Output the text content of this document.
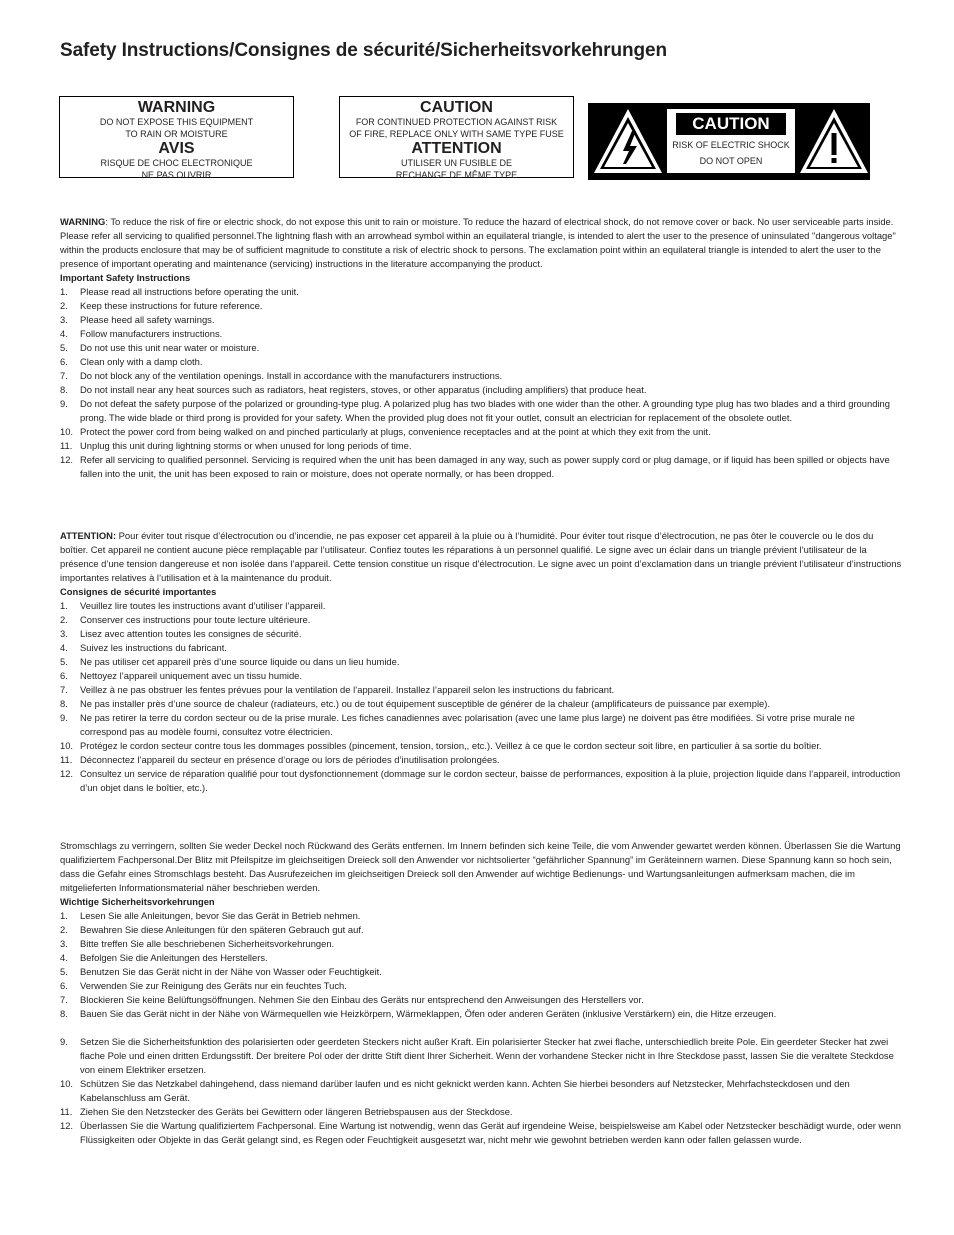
Safety Instructions/Consignes de sécurité/Sicherheitsvorkehrungen
WARNING
DO NOT EXPOSE THIS EQUIPMENT
TO RAIN OR MOISTURE
AVIS
RISQUE DE CHOC ELECTRONIQUE
NE PAS OUVRIR
CAUTION
FOR CONTINUED PROTECTION AGAINST RISK
OF FIRE, REPLACE ONLY WITH SAME TYPE FUSE
ATTENTION
UTILISER UN FUSIBLE DE
RECHANGE DE MÊME TYPE
CAUTION
RISK OF ELECTRIC SHOCK
DO NOT OPEN

WARNING: To reduce the risk of fire or electric shock, do not expose this unit to rain or moisture. To reduce the hazard of electrical shock, do not remove cover or back. No user serviceable parts inside. Please refer all servicing to qualified personnel.The lightning flash with an arrowhead symbol within an equilateral triangle, is intended to alert the user to the presence of uninsulated "dangerous voltage" within the products enclosure that may be of sufficient magnitude to constitute a risk of electric shock to persons. The exclamation point within an equilateral triangle is intended to alert the user to the presence of important operating and maintenance (servicing) instructions in the literature accompanying the product.

Important Safety Instructions
1. Please read all instructions before operating the unit.
2. Keep these instructions for future reference.
3. Please heed all safety warnings.
4. Follow manufacturers instructions.
5. Do not use this unit near water or moisture.
6. Clean only with a damp cloth.
7. Do not block any of the ventilation openings. Install in accordance with the manufacturers instructions.
8. Do not install near any heat sources such as radiators, heat registers, stoves, or other apparatus (including amplifiers) that produce heat.
9. Do not defeat the safety purpose of the polarized or grounding-type plug. A polarized plug has two blades with one wider than the other. A grounding type plug has two blades and a third grounding prong. The wide blade or third prong is provided for your safety. When the provided plug does not fit your outlet, consult an electrician for replacement of the obsolete outlet.
10. Protect the power cord from being walked on and pinched particularly at plugs, convenience receptacles and at the point at which they exit from the unit.
11. Unplug this unit during lightning storms or when unused for long periods of time.
12. Refer all servicing to qualified personnel. Servicing is required when the unit has been damaged in any way, such as power supply cord or plug damage, or if liquid has been spilled or objects have fallen into the unit, the unit has been exposed to rain or moisture, does not operate normally, or has been dropped.

ATTENTION: Pour éviter tout risque d’électrocution ou d’incendie, ne pas exposer cet appareil à la pluie ou à l’humidité. Pour éviter tout risque d’électrocution, ne pas ôter le couvercle ou le dos du boîtier. Cet appareil ne contient aucune pièce remplaçable par l’utilisateur. Confiez toutes les réparations à un personnel qualifié. Le signe avec un éclair dans un triangle prévient l’utilisateur de la présence d’une tension dangereuse et non isolée dans l’appareil. Cette tension constitue un risque d’électrocution. Le signe avec un point d’exclamation dans un triangle prévient l’utilisateur d’instructions importantes relatives à l’utilisation et à la maintenance du produit.

Consignes de sécurité importantes
1. Veuillez lire toutes les instructions avant d’utiliser l’appareil.
2. Conserver ces instructions pour toute lecture ultérieure.
3. Lisez avec attention toutes les consignes de sécurité.
4. Suivez les instructions du fabricant.
5. Ne pas utiliser cet appareil près d’une source liquide ou dans un lieu humide.
6. Nettoyez l’appareil uniquement avec un tissu humide.
7. Veillez à ne pas obstruer les fentes prévues pour la ventilation de l’appareil. Installez l’appareil selon les instructions du fabricant.
8. Ne pas installer près d’une source de chaleur (radiateurs, etc.) ou de tout équipement susceptible de générer de la chaleur (amplificateurs de puissance par exemple).
9. Ne pas retirer la terre du cordon secteur ou de la prise murale. Les fiches canadiennes avec polarisation (avec une lame plus large) ne doivent pas être modifiées. Si votre prise murale ne correspond pas au modèle fourni, consultez votre électricien.
10. Protégez le cordon secteur contre tous les dommages possibles (pincement, tension, torsion,, etc.). Veillez à ce que le cordon secteur soit libre, en particulier à sa sortie du boîtier.
11. Déconnectez l’appareil du secteur en présence d’orage ou lors de périodes d’inutilisation prolongées.
12. Consultez un service de réparation qualifié pour tout dysfonctionnement (dommage sur le cordon secteur, baisse de performances, exposition à la pluie, projection liquide dans l’appareil, introduction d’un objet dans le boîtier, etc.).

Stromschlags zu verringern, sollten Sie weder Deckel noch Rückwand des Geräts entfernen. Im Innern befinden sich keine Teile, die vom Anwender gewartet werden können. Überlassen Sie die Wartung qualifiziertem Fachpersonal.Der Blitz mit Pfeilspitze im gleichseitigen Dreieck soll den Anwender vor nichtsolierter “gefährlicher Spannung” im Geräteinnern warnen. Diese Spannung kann so hoch sein, dass die Gefahr eines Stromschlags besteht. Das Ausrufezeichen im gleichseitigen Dreieck soll den Anwender auf wichtige Bedienungs- und Wartungsanleitungen aufmerksam machen, die im mitgelieferten Informationsmaterial näher beschrieben werden.

Wichtige Sicherheitsvorkehrungen
1. Lesen Sie alle Anleitungen, bevor Sie das Gerät in Betrieb nehmen.
2. Bewahren Sie diese Anleitungen für den späteren Gebrauch gut auf.
3. Bitte treffen Sie alle beschriebenen Sicherheitsvorkehrungen.
4. Befolgen Sie die Anleitungen des Herstellers.
5. Benutzen Sie das Gerät nicht in der Nähe von Wasser oder Feuchtigkeit.
6. Verwenden Sie zur Reinigung des Geräts nur ein feuchtes Tuch.
7. Blockieren Sie keine Belüftungsöffnungen. Nehmen Sie den Einbau des Geräts nur entsprechend den Anweisungen des Herstellers vor.
8. Bauen Sie das Gerät nicht in der Nähe von Wärmequellen wie Heizkörpern, Wärmeklappen, Öfen oder anderen Geräten (inklusive Verstärkern) ein, die Hitze erzeugen.
9. Setzen Sie die Sicherheitsfunktion des polarisierten oder geerdeten Steckers nicht außer Kraft. Ein polarisierter Stecker hat zwei flache, unterschiedlich breite Pole. Ein geerdeter Stecker hat zwei flache Pole und einen dritten Erdungsstift. Der breitere Pol oder der dritte Stift dient Ihrer Sicherheit. Wenn der vorhandene Stecker nicht in Ihre Steckdose passt, lassen Sie die veraltete Steckdose von einem Elektriker ersetzen.
10. Schützen Sie das Netzkabel dahingehend, dass niemand darüber laufen und es nicht geknickt werden kann. Achten Sie hierbei besonders auf Netzstecker, Mehrfachsteckdosen und den Kabelanschluss am Gerät.
11. Ziehen Sie den Netzstecker des Geräts bei Gewittern oder längeren Betriebspausen aus der Steckdose.
12. Überlassen Sie die Wartung qualifiziertem Fachpersonal. Eine Wartung ist notwendig, wenn das Gerät auf irgendeine Weise, beispielsweise am Kabel oder Netzstecker beschädigt wurde, oder wenn Flüssigkeiten oder Objekte in das Gerät gelangt sind, es Regen oder Feuchtigkeit ausgesetzt war, nicht mehr wie gewohnt betrieben werden kann oder fallen gelassen wurde.
